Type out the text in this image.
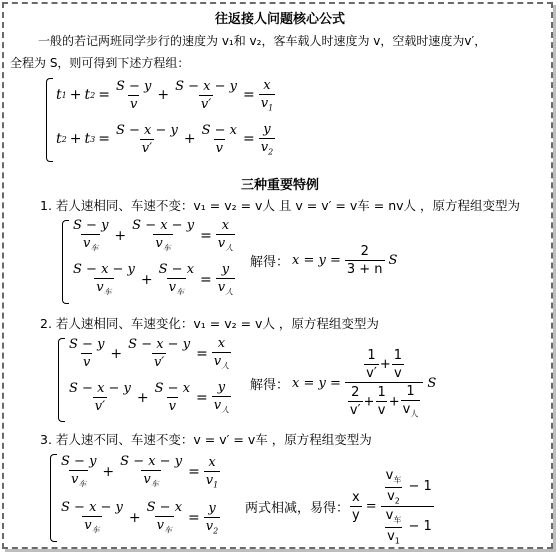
往返接人问题核心公式
一般的若记两班同学步行的速度为 v₁和 v₂，客车载人时速度为 v，空载时速度为v′，
全程为 S，则可得到下述方程组：
t 1 + t $2 = \frac{S - y}{v} + \frac{S - x - y}{v'} = \frac{x}{v_1}$
t 2 + t $3 = \frac{S - x - y}{v'} + \frac{S - x}{v} = \frac{y}{v_2}$
三种重要特例
1. 若人速相同、车速不变：v₁ = v₂ = v人 且 v = v′ = v车 = nv人 ，原方程组变型为
$\frac{S - y}{v_车} + \frac{S - x - y}{v_车} = \frac{x}{v_人}$
$\frac{S - x - y}{v_车} + \frac{S - x}{v_车} = \frac{y}{v_人}$ 解得： $x = y = \frac{2}{3 + n}$ S
2. 若人速相同、车速变化：v₁ = v₂ = v人 ，原方程组变型为
$\frac{S - y}{v} + \frac{S - x - y}{v'} = \frac{x}{v_人}$
$\frac{S - x - y}{v'} + \frac{S - x}{v} = \frac{y}{v_人}$ 解得： $x = y = \frac{\frac{1}{v'} + \frac{1}{v}}{\frac{2}{v'} + \frac{1}{v} + \frac{1}{v_人}}$ S
3. 若人速不同、车速不变：v = v′ = v车 ，原方程组变型为
$\frac{S - y}{v_车} + \frac{S - x - y}{v_车} = \frac{x}{v_1}$
$\frac{S - x - y}{v_车} + \frac{S - x}{v_车} = \frac{y}{v_2}$ 两式相减，易得： $\frac{x}{y} = \frac{\frac{v_车}{v_2} - 1}{\frac{v_车}{v_1} - 1}$
